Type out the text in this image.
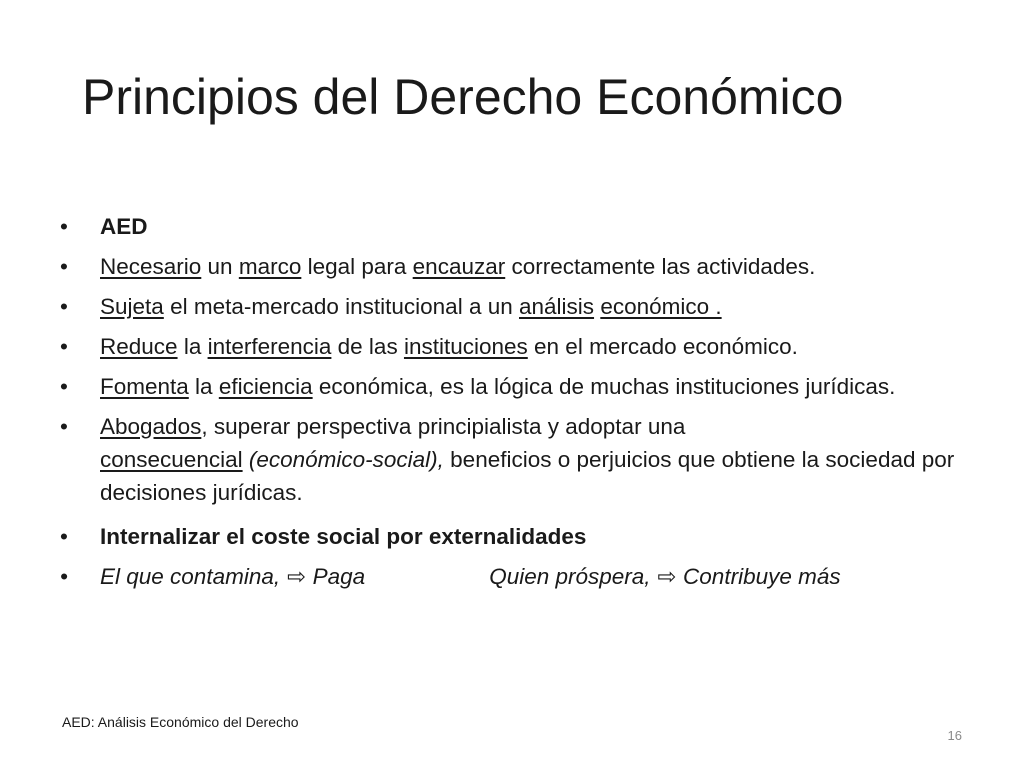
Principios del Derecho Económico
•	AED
•	Necesario un marco legal para encauzar correctamente las actividades.
•	Sujeta el meta-mercado institucional a un análisis económico .
•	Reduce la interferencia de las instituciones en el mercado económico.
•	Fomenta la eficiencia económica, es la lógica de muchas instituciones jurídicas.
•	Abogados, superar perspectiva principialista y adoptar una
consecuencial (económico-social), beneficios o perjuicios que obtiene la sociedad por decisiones jurídicas.
•	Internalizar el coste social por externalidades
•	El que contamina, ⇨ Paga	Quien próspera, ⇨ Contribuye más
AED: Análisis Económico del Derecho
16
